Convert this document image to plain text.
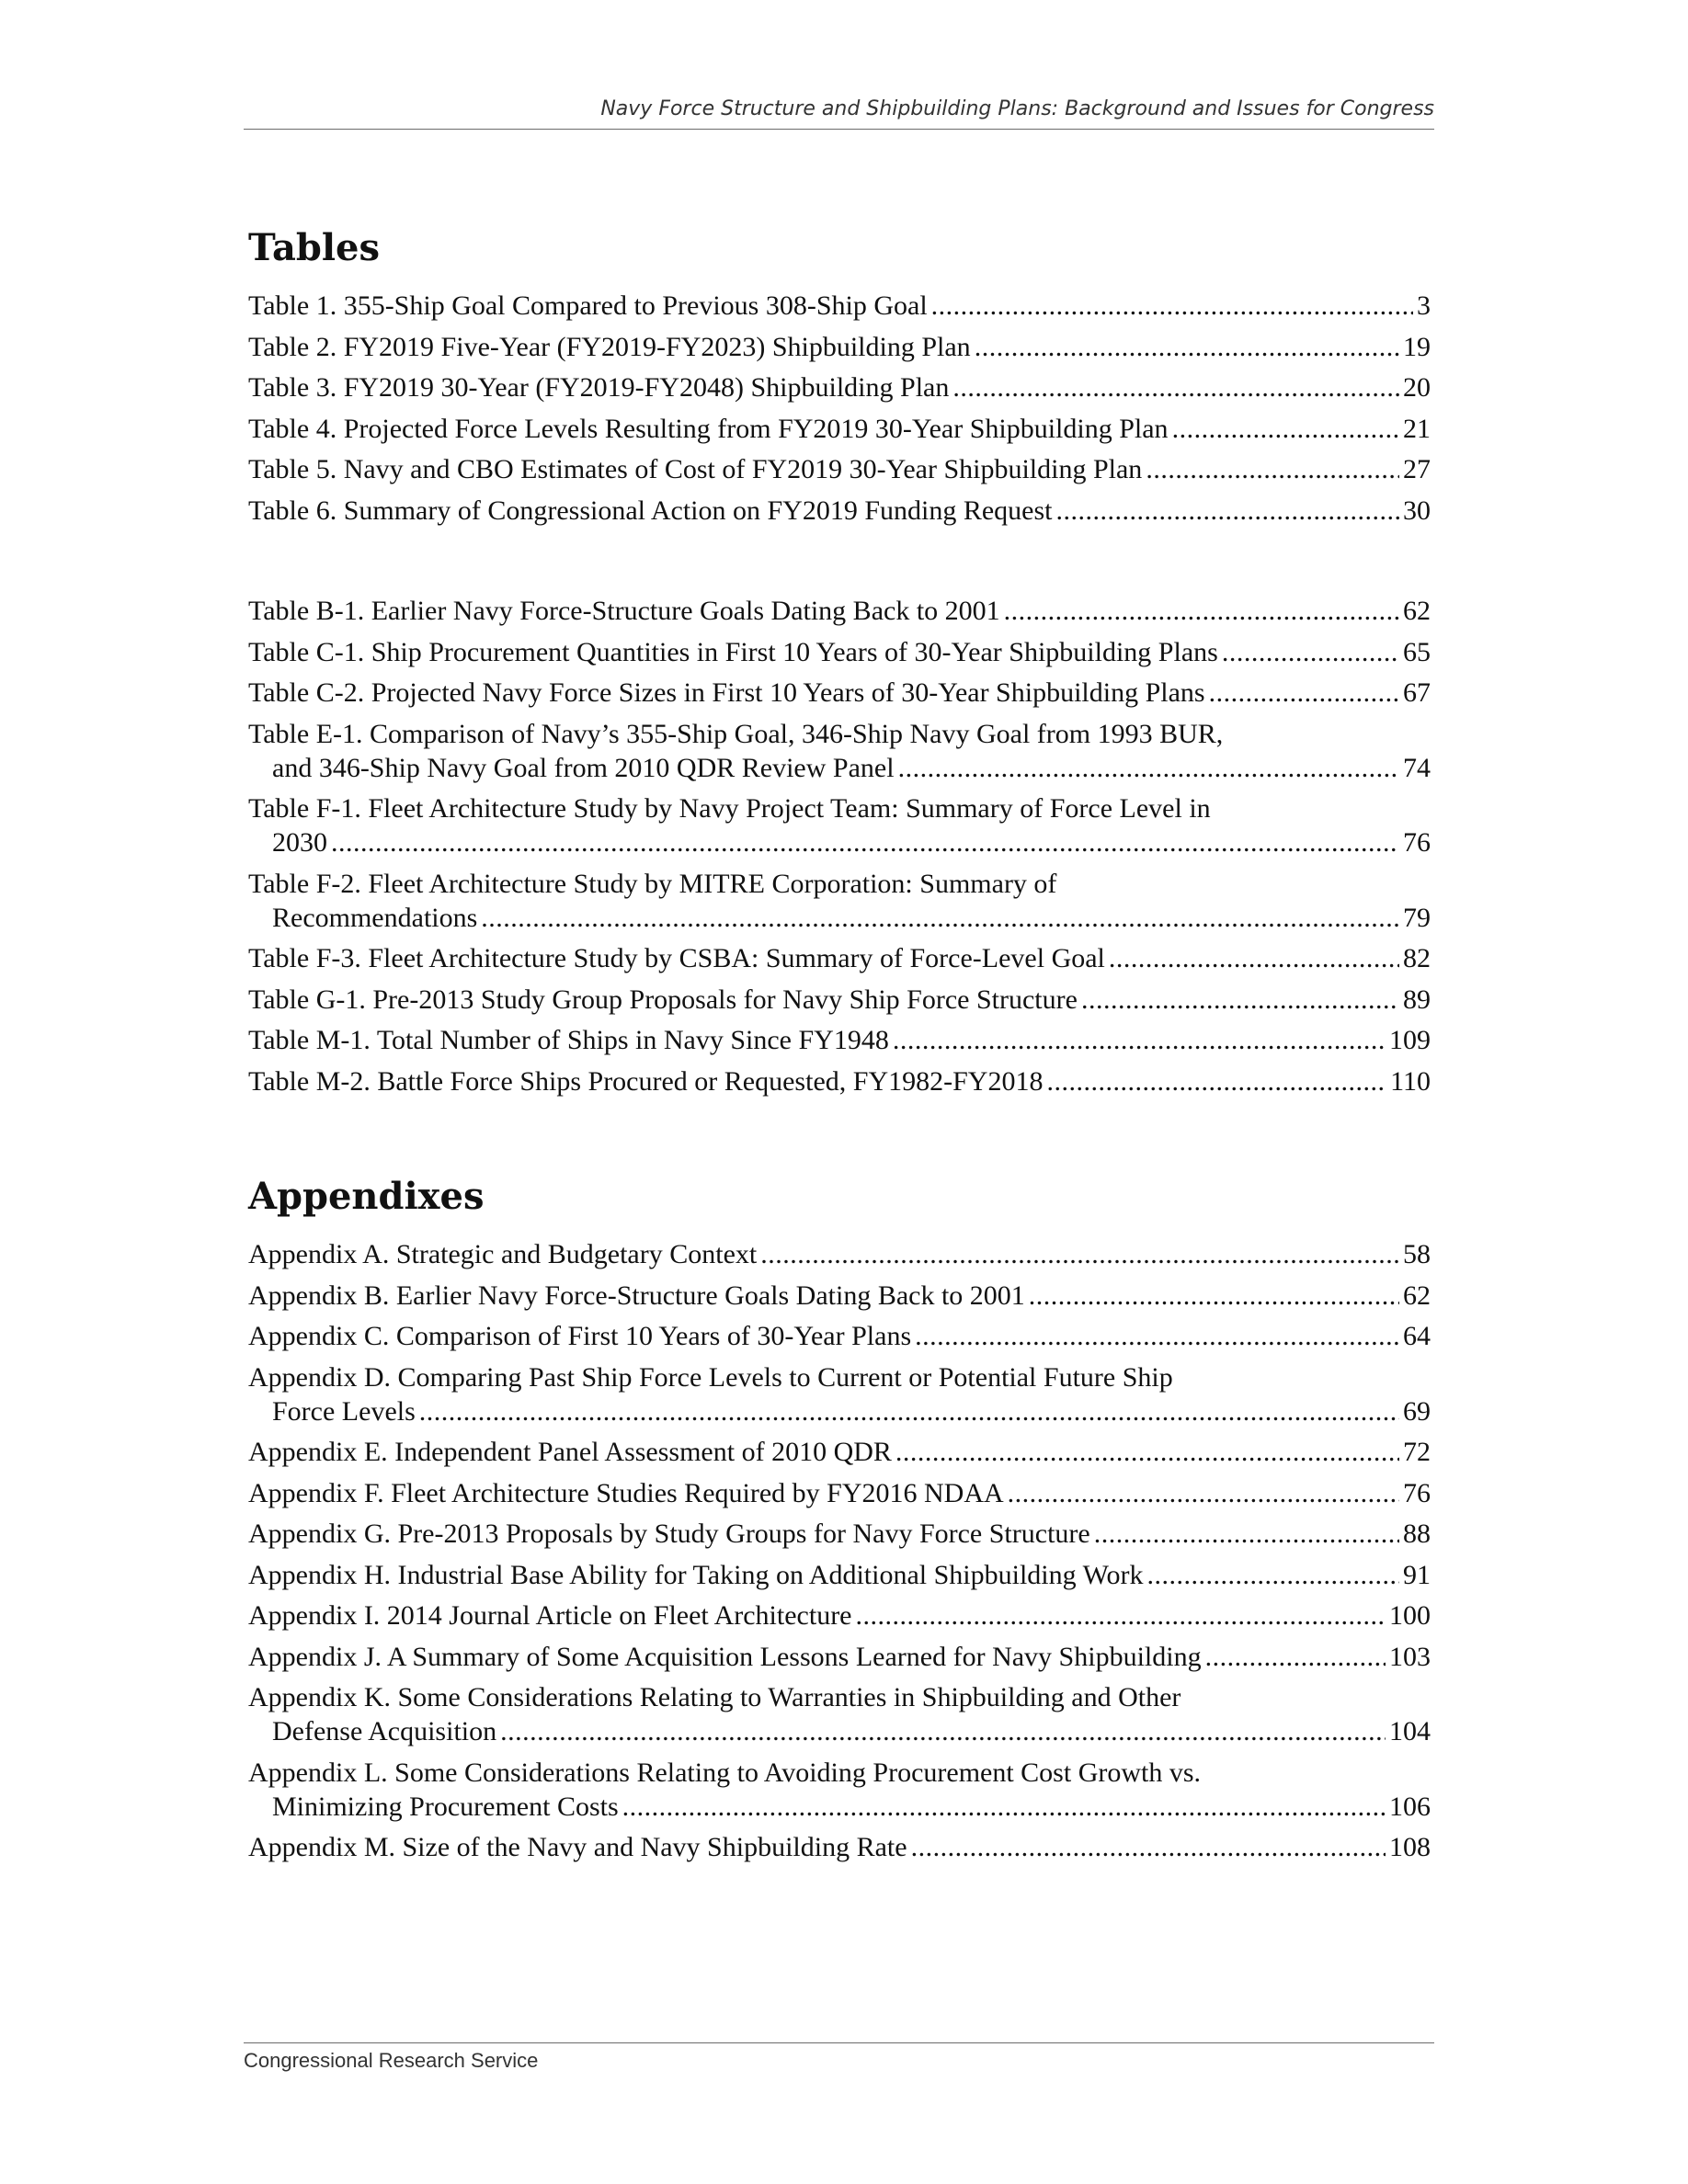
Navy Force Structure and Shipbuilding Plans: Background and Issues for Congress
Tables
Table 1. 355-Ship Goal Compared to Previous 308-Ship Goal .....	3
Table 2. FY2019 Five-Year (FY2019-FY2023) Shipbuilding Plan .....	19
Table 3. FY2019 30-Year (FY2019-FY2048) Shipbuilding Plan .....	20
Table 4. Projected Force Levels Resulting from FY2019 30-Year Shipbuilding Plan .....	21
Table 5. Navy and CBO Estimates of Cost of FY2019 30-Year Shipbuilding Plan .....	27
Table 6. Summary of Congressional Action on FY2019 Funding Request .....	30
Table B-1. Earlier Navy Force-Structure Goals Dating Back to 2001 .....	62
Table C-1. Ship Procurement Quantities in First 10 Years of 30-Year Shipbuilding Plans .....	65
Table C-2. Projected Navy Force Sizes in First 10 Years of 30-Year Shipbuilding Plans .....	67
Table E-1. Comparison of Navy’s 355-Ship Goal, 346-Ship Navy Goal from 1993 BUR,
and 346-Ship Navy Goal from 2010 QDR Review Panel .....	74
Table F-1. Fleet Architecture Study by Navy Project Team: Summary of Force Level in
2030 .....	76
Table F-2. Fleet Architecture Study by MITRE Corporation: Summary of
Recommendations .....	79
Table F-3. Fleet Architecture Study by CSBA: Summary of Force-Level Goal .....	82
Table G-1. Pre-2013 Study Group Proposals for Navy Ship Force Structure .....	89
Table M-1. Total Number of Ships in Navy Since FY1948 .....	109
Table M-2. Battle Force Ships Procured or Requested, FY1982-FY2018 .....	110
Appendixes
Appendix A. Strategic and Budgetary Context .....	58
Appendix B. Earlier Navy Force-Structure Goals Dating Back to 2001 .....	62
Appendix C. Comparison of First 10 Years of 30-Year Plans .....	64
Appendix D. Comparing Past Ship Force Levels to Current or Potential Future Ship
Force Levels .....	69
Appendix E. Independent Panel Assessment of 2010 QDR .....	72
Appendix F. Fleet Architecture Studies Required by FY2016 NDAA .....	76
Appendix G. Pre-2013 Proposals by Study Groups for Navy Force Structure .....	88
Appendix H. Industrial Base Ability for Taking on Additional Shipbuilding Work .....	91
Appendix I. 2014 Journal Article on Fleet Architecture .....	100
Appendix J. A Summary of Some Acquisition Lessons Learned for Navy Shipbuilding .....	103
Appendix K. Some Considerations Relating to Warranties in Shipbuilding and Other
Defense Acquisition .....	104
Appendix L. Some Considerations Relating to Avoiding Procurement Cost Growth vs.
Minimizing Procurement Costs .....	106
Appendix M. Size of the Navy and Navy Shipbuilding Rate .....	108
Congressional Research Service
